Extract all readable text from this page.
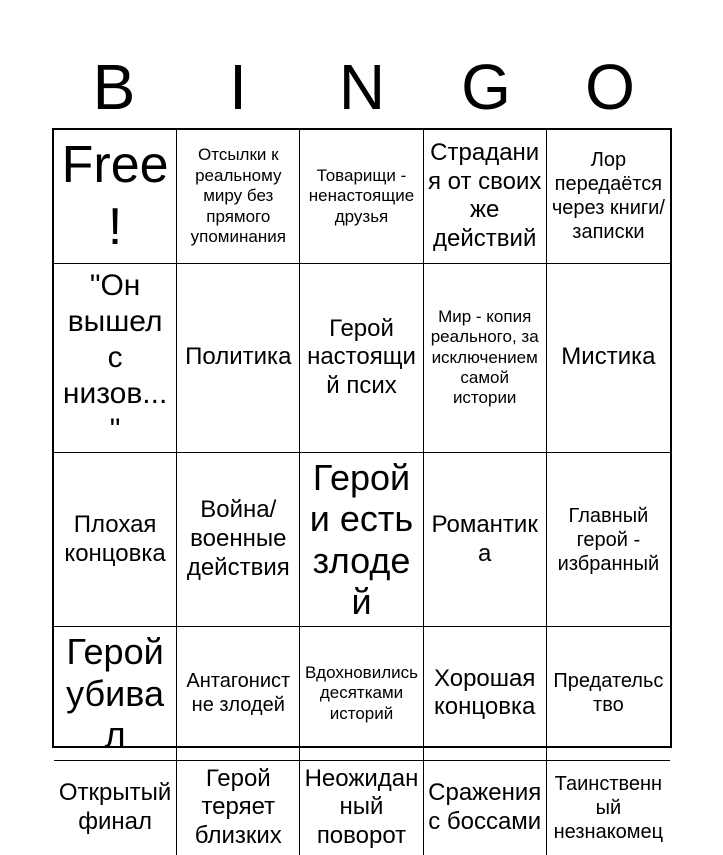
B	I	N	G	O
Free!
Отсылки к реальному миру без прямого упоминания
Товарищи - ненастоящие друзья
Страдания от своих же действий
Лор передаётся через книги/записки
"Он вышел с низов..."
Политика
Герой настоящий псих
Мир - копия реального, за исключением самой истории
Мистика
Плохая концовка
Война/ военные действия
Герой и есть злодей
Романтика
Главный герой - избранный
Герой убивал
Антагонист не злодей
Вдохновились десятками историй
Хорошая концовка
Предательство
Открытый финал
Герой теряет близких
Неожиданный поворот
Сражения с боссами
Таинственный незнакомец
